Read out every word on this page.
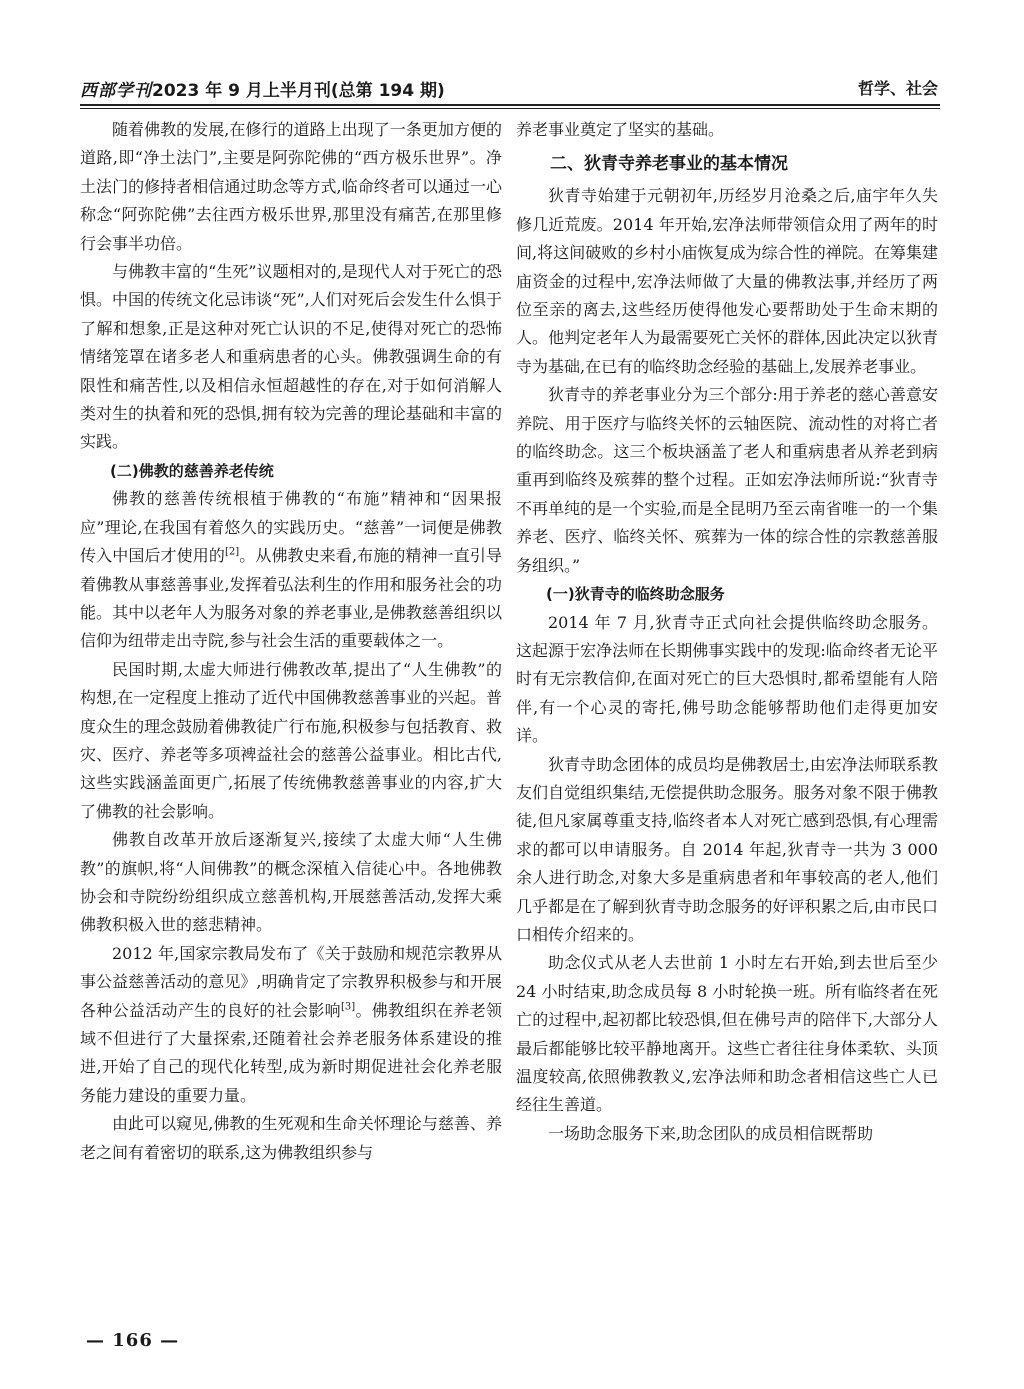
西部学刊2023 年 9 月上半月刊(总第 194 期)	哲学、社会

随着佛教的发展,在修行的道路上出现了一条更加方便的道路,即“净土法门”,主要是阿弥陀佛的“西方极乐世界”。净土法门的修持者相信通过助念等方式,临命终者可以通过一心称念“阿弥陀佛”去往西方极乐世界,那里没有痛苦,在那里修行会事半功倍。

与佛教丰富的“生死”议题相对的,是现代人对于死亡的恐惧。中国的传统文化忌讳谈“死”,人们对死后会发生什么惧于了解和想象,正是这种对死亡认识的不足,使得对死亡的恐怖情绪笼罩在诸多老人和重病患者的心头。佛教强调生命的有限性和痛苦性,以及相信永恒超越性的存在,对于如何消解人类对生的执着和死的恐惧,拥有较为完善的理论基础和丰富的实践。

(二)佛教的慈善养老传统

佛教的慈善传统根植于佛教的“布施”精神和“因果报应”理论,在我国有着悠久的实践历史。“慈善”一词便是佛教传入中国后才使用的[2]。从佛教史来看,布施的精神一直引导着佛教从事慈善事业,发挥着弘法利生的作用和服务社会的功能。其中以老年人为服务对象的养老事业,是佛教慈善组织以信仰为纽带走出寺院,参与社会生活的重要载体之一。

民国时期,太虚大师进行佛教改革,提出了“人生佛教”的构想,在一定程度上推动了近代中国佛教慈善事业的兴起。普度众生的理念鼓励着佛教徒广行布施,积极参与包括教育、救灾、医疗、养老等多项裨益社会的慈善公益事业。相比古代,这些实践涵盖面更广,拓展了传统佛教慈善事业的内容,扩大了佛教的社会影响。

佛教自改革开放后逐渐复兴,接续了太虚大师“人生佛教”的旗帜,将“人间佛教”的概念深植入信徒心中。各地佛教协会和寺院纷纷组织成立慈善机构,开展慈善活动,发挥大乘佛教积极入世的慈悲精神。

2012 年,国家宗教局发布了《关于鼓励和规范宗教界从事公益慈善活动的意见》,明确肯定了宗教界积极参与和开展各种公益活动产生的良好的社会影响[3]。佛教组织在养老领域不但进行了大量探索,还随着社会养老服务体系建设的推进,开始了自己的现代化转型,成为新时期促进社会化养老服务能力建设的重要力量。

由此可以窥见,佛教的生死观和生命关怀理论与慈善、养老之间有着密切的联系,这为佛教组织参与

养老事业奠定了坚实的基础。

二、狄青寺养老事业的基本情况

狄青寺始建于元朝初年,历经岁月沧桑之后,庙宇年久失修几近荒废。2014 年开始,宏净法师带领信众用了两年的时间,将这间破败的乡村小庙恢复成为综合性的禅院。在筹集建庙资金的过程中,宏净法师做了大量的佛教法事,并经历了两位至亲的离去,这些经历使得他发心要帮助处于生命末期的人。他判定老年人为最需要死亡关怀的群体,因此决定以狄青寺为基础,在已有的临终助念经验的基础上,发展养老事业。

狄青寺的养老事业分为三个部分:用于养老的慈心善意安养院、用于医疗与临终关怀的云轴医院、流动性的对将亡者的临终助念。这三个板块涵盖了老人和重病患者从养老到病重再到临终及殡葬的整个过程。正如宏净法师所说:“狄青寺不再单纯的是一个实验,而是全昆明乃至云南省唯一的一个集养老、医疗、临终关怀、殡葬为一体的综合性的宗教慈善服务组织。”

(一)狄青寺的临终助念服务

2014 年 7 月,狄青寺正式向社会提供临终助念服务。这起源于宏净法师在长期佛事实践中的发现:临命终者无论平时有无宗教信仰,在面对死亡的巨大恐惧时,都希望能有人陪伴,有一个心灵的寄托,佛号助念能够帮助他们走得更加安详。

狄青寺助念团体的成员均是佛教居士,由宏净法师联系教友们自觉组织集结,无偿提供助念服务。服务对象不限于佛教徒,但凡家属尊重支持,临终者本人对死亡感到恐惧,有心理需求的都可以申请服务。自 2014 年起,狄青寺一共为 3 000 余人进行助念,对象大多是重病患者和年事较高的老人,他们几乎都是在了解到狄青寺助念服务的好评积累之后,由市民口口相传介绍来的。

助念仪式从老人去世前 1 小时左右开始,到去世后至少 24 小时结束,助念成员每 8 小时轮换一班。所有临终者在死亡的过程中,起初都比较恐惧,但在佛号声的陪伴下,大部分人最后都能够比较平静地离开。这些亡者往往身体柔软、头顶温度较高,依照佛教教义,宏净法师和助念者相信这些亡人已经往生善道。

一场助念服务下来,助念团队的成员相信既帮助

— 166 —
